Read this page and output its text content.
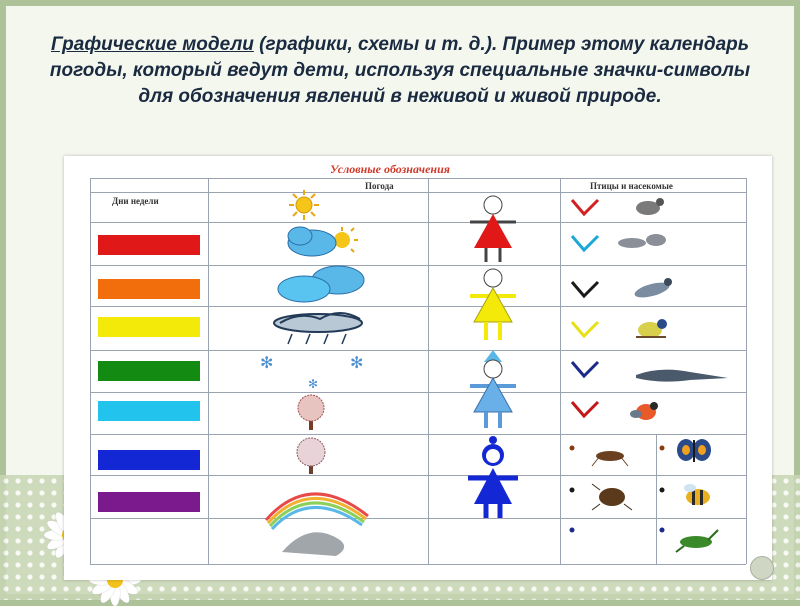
Графические модели (графики, схемы и т. д.). Пример этому календарь погоды, который ведут дети, используя специальные значки-символы для обозначения явлений в неживой и живой природе.
Условные обозначения
Дни недели
Погода	Птицы и насекомые
✻	✻
✻
